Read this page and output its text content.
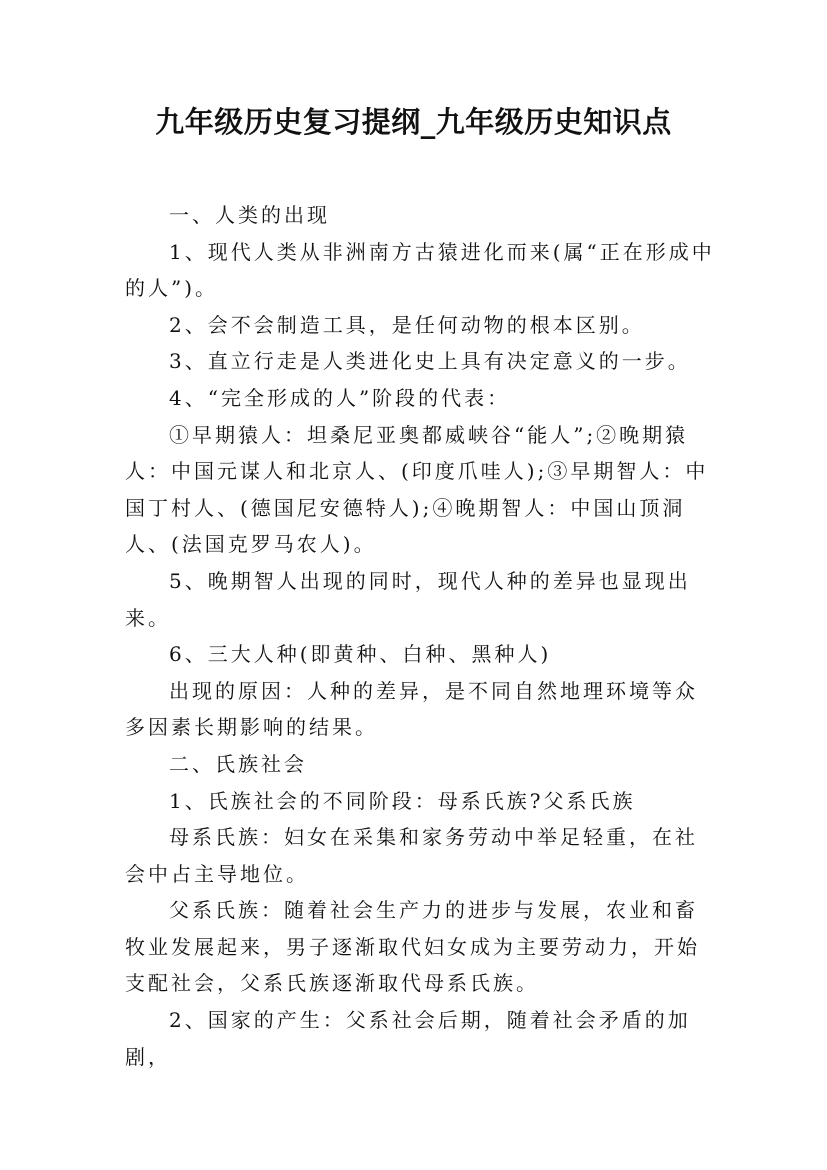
九年级历史复习提纲_九年级历史知识点

一、人类的出现

1、现代人类从非洲南方古猿进化而来(属“正在形成中的人”)。

2、会不会制造工具，是任何动物的根本区别。

3、直立行走是人类进化史上具有决定意义的一步。

4、“完全形成的人”阶段的代表：

①早期猿人：坦桑尼亚奥都威峡谷“能人”;②晚期猿人：中国元谋人和北京人、(印度爪哇人);③早期智人：中国丁村人、(德国尼安德特人);④晚期智人：中国山顶洞人、(法国克罗马农人)。

5、晚期智人出现的同时，现代人种的差异也显现出来。

6、三大人种(即黄种、白种、黑种人)

出现的原因：人种的差异，是不同自然地理环境等众多因素长期影响的结果。

二、氏族社会

1、氏族社会的不同阶段：母系氏族?父系氏族

母系氏族：妇女在采集和家务劳动中举足轻重，在社会中占主导地位。

父系氏族：随着社会生产力的进步与发展，农业和畜牧业发展起来，男子逐渐取代妇女成为主要劳动力，开始支配社会，父系氏族逐渐取代母系氏族。

2、国家的产生：父系社会后期，随着社会矛盾的加剧，
